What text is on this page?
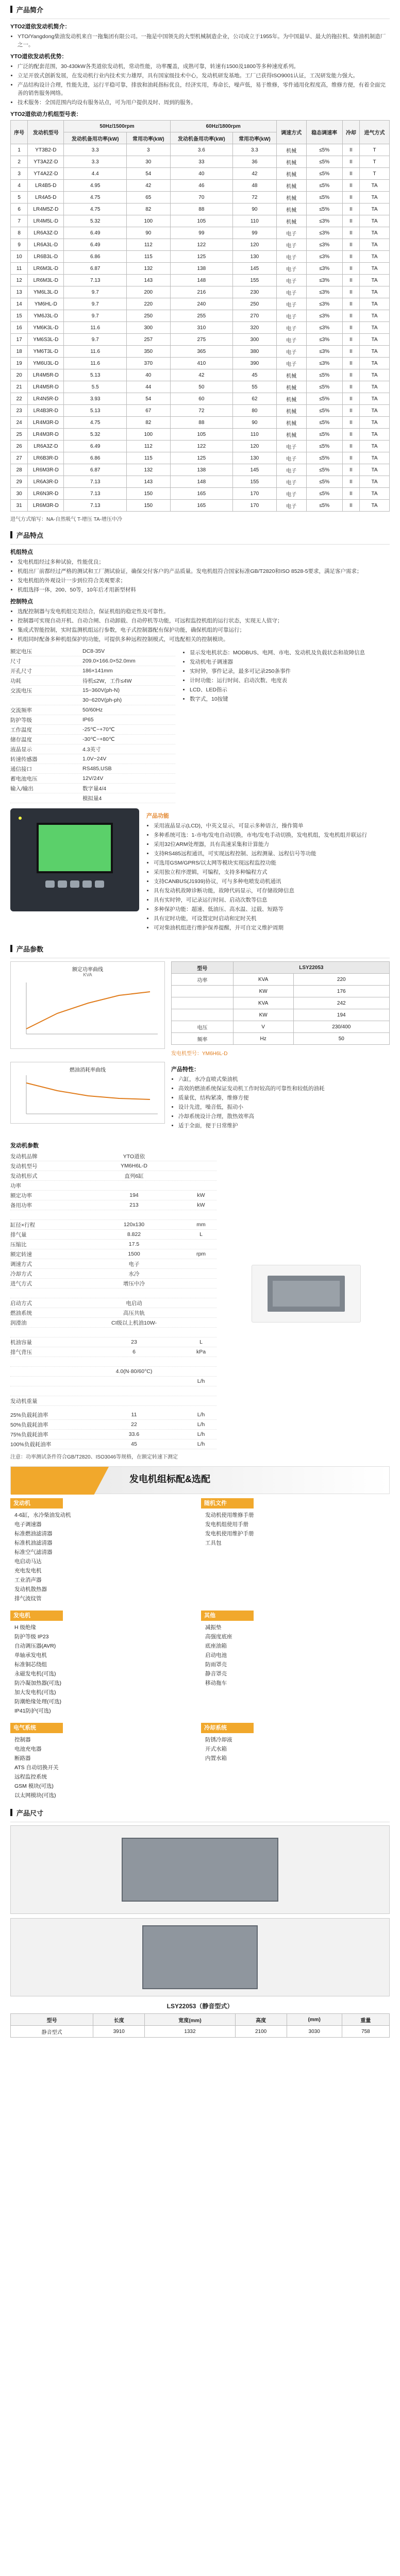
产品简介
YTO2道依发动机简介：
• YTO/Yangdong柴油发动机来自一拖集团有限公司。一拖是中国领先的大型机械制造企业，公司成立于1955年。为中国最早、最大的拖拉机、柴油机制造厂之一。
YTO道依发动机优势：
• 广泛的配套范围，30-430kW各类道依发动机，常动性能，功率覆盖，成熟可靠，转速有1500及1800等多种速度系列。
• 立足开放式创新发展，在发动机行业内技术实力雄厚，具有国家级技术中心，发动机研发基地。工厂已获得ISO9001认证，工况研发能力强大。
• 产品结构设计合理，性能先进，运行平稳可靠，排放和油耗指标优良，经济实用，寿命长，噪声低，易于维修，零件通用化程度高，维修方便，有着全面完善的销售服务网络。
• 技术服务：全国范围内均设有服务站点，可为用户提供及时、周到的服务。
YTO2道依动力机组型号表：
序号	发动机型号	50Hz/1500rpm		60Hz/1800rpm		调速方式	稳态调速率	冷却	进气方式
		发动机备用功率(kW)	常用功率(kW)	发动机备用功率(kW)	常用功率(kW)				
1	YT3B2-D	3.3	3	3.6	3.3	机械	≤5%	II	T
2	YT3A2Z-D	3.3	30	33	36	机械	≤5%	II	T
3	YT4A2Z-D	4.4	54	40	42	机械	≤5%	II	T
4	LR4B5-D	4.95	42	46	48	机械	≤5%	II	TA
5	LR4A5-D	4.75	65	70	72	机械	≤5%	II	TA
6	LR4M5Z-D	4.75	82	88	90	机械	≤5%	II	TA
7	LR4M5L-D	5.32	100	105	110	机械	≤3%	II	TA
8	LR6A3Z-D	6.49	90	99	99	电子	≤3%	II	TA
9	LR6A3L-D	6.49	112	122	120	电子	≤3%	II	TA
10	LR6B3L-D	6.86	115	125	130	电子	≤3%	II	TA
11	LR6M3L-D	6.87	132	138	145	电子	≤3%	II	TA
12	LR6M3L-D	7.13	143	148	155	电子	≤3%	II	TA
13	YM6L3L-D	9.7	200	216	230	电子	≤3%	II	TA
14	YM6HL-D	9.7	220	240	250	电子	≤3%	II	TA
15	YM6J3L-D	9.7	250	255	270	电子	≤3%	II	TA
16	YM6K3L-D	11.6	300	310	320	电子	≤3%	II	TA
17	YM6S3L-D	9.7	257	275	300	电子	≤3%	II	TA
18	YM6T3L-D	11.6	350	365	380	电子	≤3%	II	TA
19	YM6U3L-D	11.6	370	410	390	电子	≤3%	II	TA
20	LR4M5R-D	5.13	40	42	45	机械	≤5%	II	TA
21	LR4M5R-D	5.5	44	50	55	机械	≤5%	II	TA
22	LR4N5R-D	3.93	54	60	62	机械	≤5%	II	TA
23	LR4B3R-D	5.13	67	72	80	机械	≤5%	II	TA
24	LR4M3R-D	4.75	82	88	90	机械	≤5%	II	TA
25	LR4M3R-D	5.32	100	105	110	机械	≤5%	II	TA
26	LR6A3Z-D	6.49	112	122	120	电子	≤5%	II	TA
27	LR6B3R-D	6.86	115	125	130	电子	≤5%	II	TA
28	LR6M3R-D	6.87	132	138	145	电子	≤5%	II	TA
29	LR6A3R-D	7.13	143	148	155	电子	≤5%	II	TA
30	LR6N3R-D	7.13	150	165	170	电子	≤5%	II	TA
31	LR6M3R-D	7.13	150	165	170	电子	≤5%	II	TA
进气方式缩写：NA-自然吸气 T-增压 TA-增压中冷
产品特点
机组特点
• 发电机组经过多种试验，性能优良；
• 机组出厂前都经过严格的测试和工厂测试验证，确保交付客户的产品质量。发电机组符合国家标准GB/T2820和ISO 8528-5要求，满足客户需求；
• 发电机组的外观设计一步到位符合美观要求；
• 机组选择一体，200、50等，10年后才用新型材料
控制特点
• 选配控制器与发电机组完美结合，保证机组的稳定性及可靠性。
• 控制器可实现自动开机、自动合闸、自动卸载、自动停机等功能，可远程监控机组的运行状态，实现无人值守；
• 集成式智能控制，实时监测机组运行参数，电子式控制器配有保护功能，确保机组的可靠运行；
• 机组同时配备多种机组保护的功能，可提供多种远程控制模式，可选配相关的控制模块。
额定电压	DC8-35V
尺寸	209.0×166.0×52.0mm
开孔尺寸	186×141mm
功耗	待机≤2W，工作≤4W
交流电压	15~360V(ph-N)
30~620V(ph-ph)
交流频率	50/60Hz
防护等级	IP65
工作温度	-25℃~+70℃
储存温度	-30℃~+80℃
液晶显示	4.3英寸
转速传感器	1.0V~24V
通信接口	RS485,USB
蓄电池电压	12V/24V
输入/输出	数字量4/4
模拟量4
• 显示发电机状态：MODBUS、电网、市电、发动机及负载状态和故障信息
• 发动机电子调速器
• 实时钟，事件记录，最多可记录250条事件
• 计时功能：运行时间、启动次数、电度表
• LCD、LED指示
• 数字式，10按键
产品功能
• 采用液晶显示(LCD)，中英文显示，可显示多种语言，操作简单
• 多种系统可选：1-市电/发电自动切换，市电/发电手动切换，发电机组，发电机组并联运行
• 采用32位ARM处理器，具有高速采集和计算能力
• 支持RS485远程通讯，可实现远程控制、远程测量、远程信号等功能
• 可选用GSM/GPRS/以太网等模块实现远程监控功能
• 采用独立程序逻辑，可编程，支持多种编程方式
• 支持CANBUS(J1939)协议，可与多种电喷发动机通讯
• 具有发动机故障诊断功能，故障代码显示，可存储故障信息
• 具有实时钟，可记录运行时间、启动次数等信息
• 多种保护功能：超速、低油压、高水温、过载、短路等
• 具有定时功能，可设置定时启动和定时关机
• 可对柴油机组进行维护保养提醒，并可自定义维护周期
产品参数
额定功率曲线
KVA
型号	LSY22053	
功率	KVA	220
	KW	176
	KVA	242
	KW	194
电压	V	230/400
频率	Hz	50
发电机型号：YM6H6L-D
燃油消耗率曲线	产品特性：
• 六缸，水冷直喷式柴油机
• 高效的燃油系统保证发动机工作时较高的可靠性和较低的油耗
• 质量优，结构紧凑，维修方便
• 设计先进，噪音低，振动小
• 冷却系统设计合理，散热效率高
• 适于全面，便于日常维护
发动机参数
发动机品牌	YTO道依
发动机型号	YM6H6L-D
发动机形式	直列6缸
功率
额定功率	194	kW
备用功率	213	kW
缸径×行程	120x130	mm
排气量	8.822	L
压缩比	17.5
额定转速	1500	rpm
调速方式	电子
冷却方式	水冷
进气方式	增压中冷
启动方式	电启动
燃油系统	高压共轨
润滑油	CI级以上机油10W-
机油容量	23	L
排气背压	6	kPa
4.0(N·80/60°C)
L/h
发动机重量
25%负载耗油率	11	L/h
50%负载耗油率	22	L/h
75%负载耗油率	33.6	L/h
100%负载耗油率	45	L/h
注意：功率测试条件符合GB/T2820、ISO3046等规格，在额定转速下测定
发电机组标配&选配
发动机
4-6缸，水冷柴油发动机
电子调速器
标准燃油滤清器
标准机油滤清器
标准空气滤清器
电启动马达
充电发电机
工业消声器
发动机散热器
排气波纹管
随机文件
发动机使用维修手册
发电机组使用手册
发电机使用维护手册
工具包
发电机
H 级绝缘
防护等级 IP23
自动调压器(AVR)
单轴承发电机
标准铜芯绕组
永磁发电机(可选)
防冷凝加热器(可选)
加大发电机(可选)
防潮绝缘处理(可选)
IP41防护(可选)
其他
减振垫
高强度底座
底座油箱
启动电池
防雨罩壳
静音罩壳
移动拖车
电气系统
控制器
电池充电器
断路器
ATS 自动切换开关
远程监控系统
GSM 模块(可选)
以太网模块(可选)
冷却系统
防锈冷却液
开式水箱
内置水箱
产品尺寸
LSY22053（静音型式）
型号	长度	宽度(mm)	高度	(mm)	重量
静音型式	3910	1332	2100	3030	758
